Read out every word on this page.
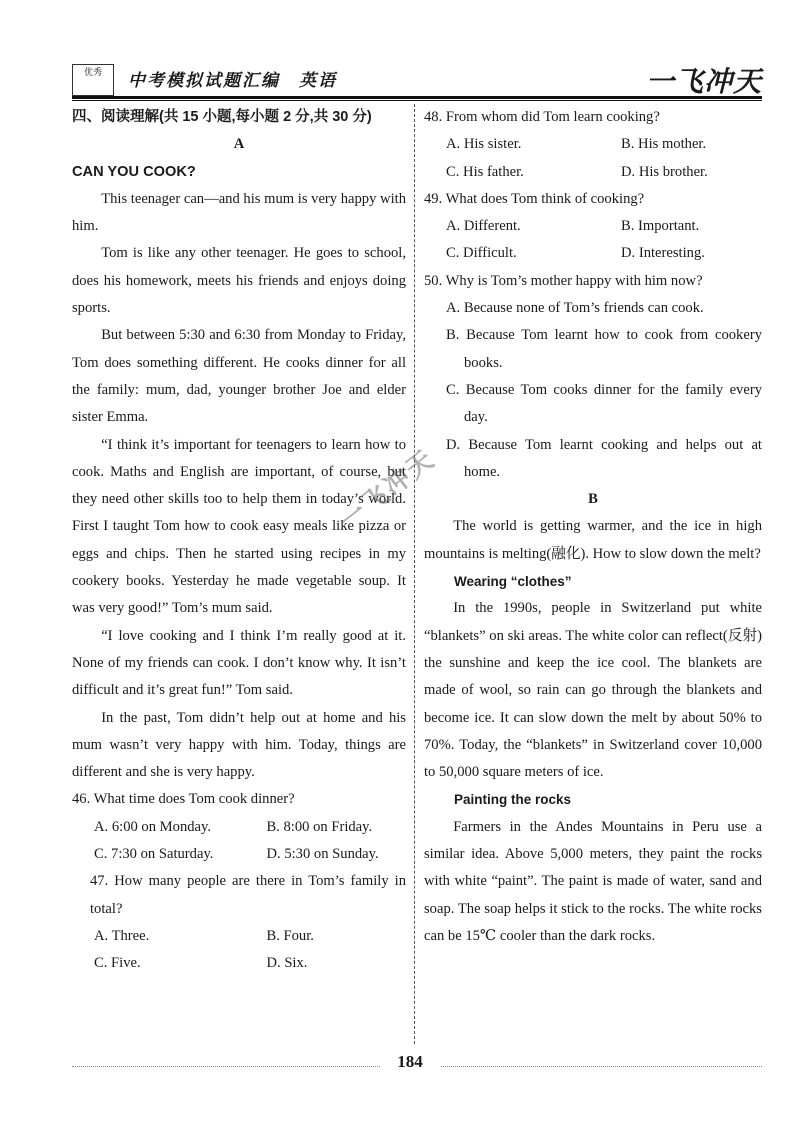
优秀	中考模拟试题汇编　英语	一飞冲天

四、阅读理解(共 15 小题,每小题 2 分,共 30 分)

A

CAN YOU COOK?

This teenager can—and his mum is very happy with him.

Tom is like any other teenager. He goes to school, does his homework, meets his friends and enjoys doing sports.

But between 5:30 and 6:30 from Monday to Friday, Tom does something different. He cooks dinner for all the family: mum, dad, younger brother Joe and elder sister Emma.

“I think it’s important for teenagers to learn how to cook. Maths and English are important, of course, but they need other skills too to help them in today’s world. First I taught Tom how to cook easy meals like pizza or eggs and chips. Then he started using recipes in my cookery books. Yesterday he made vegetable soup. It was very good!” Tom’s mum said.

“I love cooking and I think I’m really good at it. None of my friends can cook. I don’t know why. It isn’t difficult and it’s great fun!” Tom said.

In the past, Tom didn’t help out at home and his mum wasn’t very happy with him. Today, things are different and she is very happy.

46. What time does Tom cook dinner?

A. 6:00 on Monday.	B. 8:00 on Friday.
C. 7:30 on Saturday.	D. 5:30 on Sunday.

47. How many people are there in Tom’s family in total?

A. Three.	B. Four.
C. Five.	D. Six.

48. From whom did Tom learn cooking?

A. His sister.	B. His mother.
C. His father.	D. His brother.

49. What does Tom think of cooking?

A. Different.	B. Important.
C. Difficult.	D. Interesting.

50. Why is Tom’s mother happy with him now?

A. Because none of Tom’s friends can cook.

B. Because Tom learnt how to cook from cookery books.

C. Because Tom cooks dinner for the family every day.

D. Because Tom learnt cooking and helps out at home.

B

The world is getting warmer, and the ice in high mountains is melting(融化). How to slow down the melt?

Wearing “clothes”

In the 1990s, people in Switzerland put white “blankets” on ski areas. The white color can reflect(反射) the sunshine and keep the ice cool. The blankets are made of wool, so rain can go through the blankets and become ice. It can slow down the melt by about 50% to 70%. Today, the “blankets” in Switzerland cover 10,000 to 50,000 square meters of ice.

Painting the rocks

Farmers in the Andes Mountains in Peru use a similar idea. Above 5,000 meters, they paint the rocks with white “paint”. The paint is made of water, sand and soap. The soap helps it stick to the rocks. The white rocks can be 15℃ cooler than the dark rocks.

一飞冲天
184
